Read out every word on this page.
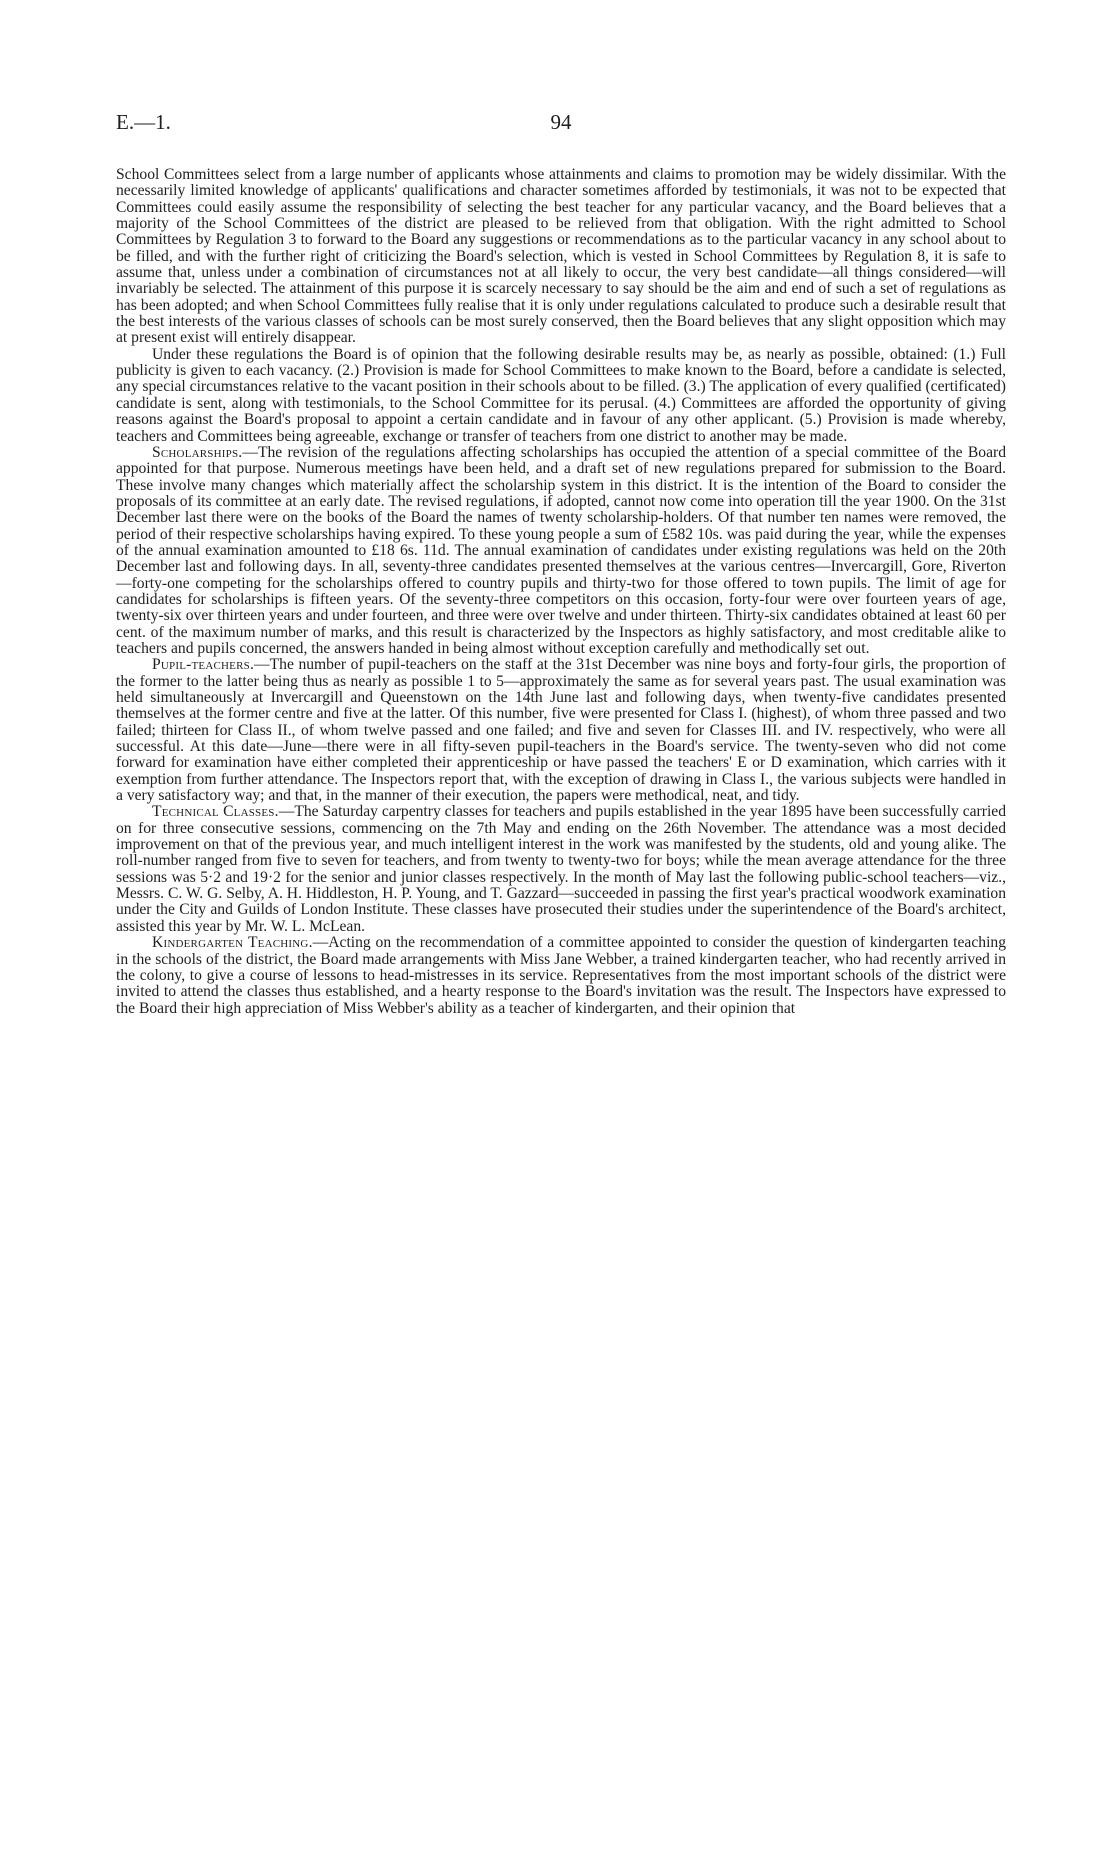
E.—1.	94

School Committees select from a large number of applicants whose attainments and claims to promotion may be widely dissimilar. With the necessarily limited knowledge of applicants' qualifications and character sometimes afforded by testimonials, it was not to be expected that Committees could easily assume the responsibility of selecting the best teacher for any particular vacancy, and the Board believes that a majority of the School Committees of the district are pleased to be relieved from that obligation. With the right admitted to School Committees by Regulation 3 to forward to the Board any suggestions or recommendations as to the particular vacancy in any school about to be filled, and with the further right of criticizing the Board's selection, which is vested in School Committees by Regulation 8, it is safe to assume that, unless under a combination of circumstances not at all likely to occur, the very best candidate—all things considered—will invariably be selected. The attainment of this purpose it is scarcely necessary to say should be the aim and end of such a set of regulations as has been adopted; and when School Committees fully realise that it is only under regulations calculated to produce such a desirable result that the best interests of the various classes of schools can be most surely conserved, then the Board believes that any slight opposition which may at present exist will entirely disappear.

Under these regulations the Board is of opinion that the following desirable results may be, as nearly as possible, obtained: (1.) Full publicity is given to each vacancy. (2.) Provision is made for School Committees to make known to the Board, before a candidate is selected, any special circumstances relative to the vacant position in their schools about to be filled. (3.) The application of every qualified (certificated) candidate is sent, along with testimonials, to the School Committee for its perusal. (4.) Committees are afforded the opportunity of giving reasons against the Board's proposal to appoint a certain candidate and in favour of any other applicant. (5.) Provision is made whereby, teachers and Committees being agreeable, exchange or transfer of teachers from one district to another may be made.

Scholarships.—The revision of the regulations affecting scholarships has occupied the attention of a special committee of the Board appointed for that purpose. Numerous meetings have been held, and a draft set of new regulations prepared for submission to the Board. These involve many changes which materially affect the scholarship system in this district. It is the intention of the Board to consider the proposals of its committee at an early date. The revised regulations, if adopted, cannot now come into operation till the year 1900. On the 31st December last there were on the books of the Board the names of twenty scholarship-holders. Of that number ten names were removed, the period of their respective scholarships having expired. To these young people a sum of £582 10s. was paid during the year, while the expenses of the annual examination amounted to £18 6s. 11d. The annual examination of candidates under existing regulations was held on the 20th December last and following days. In all, seventy-three candidates presented themselves at the various centres—Invercargill, Gore, Riverton—forty-one competing for the scholarships offered to country pupils and thirty-two for those offered to town pupils. The limit of age for candidates for scholarships is fifteen years. Of the seventy-three competitors on this occasion, forty-four were over fourteen years of age, twenty-six over thirteen years and under fourteen, and three were over twelve and under thirteen. Thirty-six candidates obtained at least 60 per cent. of the maximum number of marks, and this result is characterized by the Inspectors as highly satisfactory, and most creditable alike to teachers and pupils concerned, the answers handed in being almost without exception carefully and methodically set out.

Pupil-teachers.—The number of pupil-teachers on the staff at the 31st December was nine boys and forty-four girls, the proportion of the former to the latter being thus as nearly as possible 1 to 5—approximately the same as for several years past. The usual examination was held simultaneously at Invercargill and Queenstown on the 14th June last and following days, when twenty-five candidates presented themselves at the former centre and five at the latter. Of this number, five were presented for Class I. (highest), of whom three passed and two failed; thirteen for Class II., of whom twelve passed and one failed; and five and seven for Classes III. and IV. respectively, who were all successful. At this date—June—there were in all fifty-seven pupil-teachers in the Board's service. The twenty-seven who did not come forward for examination have either completed their apprenticeship or have passed the teachers' E or D examination, which carries with it exemption from further attendance. The Inspectors report that, with the exception of drawing in Class I., the various subjects were handled in a very satisfactory way; and that, in the manner of their execution, the papers were methodical, neat, and tidy.

Technical Classes.—The Saturday carpentry classes for teachers and pupils established in the year 1895 have been successfully carried on for three consecutive sessions, commencing on the 7th May and ending on the 26th November. The attendance was a most decided improvement on that of the previous year, and much intelligent interest in the work was manifested by the students, old and young alike. The roll-number ranged from five to seven for teachers, and from twenty to twenty-two for boys; while the mean average attendance for the three sessions was 5·2 and 19·2 for the senior and junior classes respectively. In the month of May last the following public-school teachers—viz., Messrs. C. W. G. Selby, A. H. Hiddleston, H. P. Young, and T. Gazzard—succeeded in passing the first year's practical woodwork examination under the City and Guilds of London Institute. These classes have prosecuted their studies under the superintendence of the Board's architect, assisted this year by Mr. W. L. McLean.

Kindergarten Teaching.—Acting on the recommendation of a committee appointed to consider the question of kindergarten teaching in the schools of the district, the Board made arrangements with Miss Jane Webber, a trained kindergarten teacher, who had recently arrived in the colony, to give a course of lessons to head-mistresses in its service. Representatives from the most important schools of the district were invited to attend the classes thus established, and a hearty response to the Board's invitation was the result. The Inspectors have expressed to the Board their high appreciation of Miss Webber's ability as a teacher of kindergarten, and their opinion that
